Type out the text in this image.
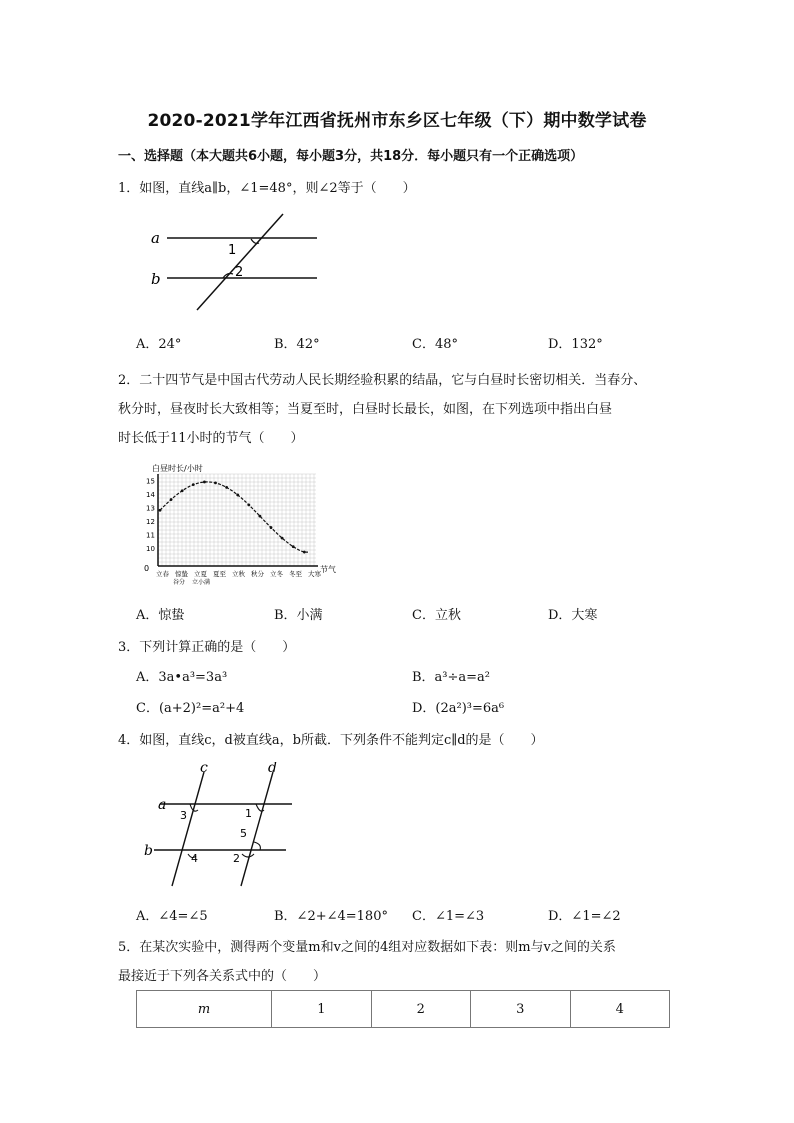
2020-2021学年江西省抚州市东乡区七年级（下）期中数学试卷
一、选择题（本大题共6小题，每小题3分，共18分．每小题只有一个正确选项）
1．如图，直线a∥b，∠1=48°，则∠2等于（　　）
a
b
1
2
A．24°	B．42°	C．48°	D．132°
2．二十四节气是中国古代劳动人民长期经验积累的结晶，它与白昼时长密切相关．当春分、
秋分时，昼夜时长大致相等；当夏至时，白昼时长最长，如图，在下列选项中指出白昼
时长低于11小时的节气（　　）
白昼时长/小时
节气
0
10
11
12
13
14
15
立春 惊蛰
谷分
立夏
立小满
夏至 立秋 秋分 立冬 冬至 大寒
A．惊蛰	B．小满	C．立秋	D．大寒
3．下列计算正确的是（　　）
A．3a•a³=3a³	B．a³÷a=a²
C．(a+2)²=a²+4	D．(2a²)³=6a⁶
4．如图，直线c，d被直线a，b所截．下列条件不能判定c∥d的是（　　）
a
b
c	d
3	1
5
2
4
A．∠4=∠5	B．∠2+∠4=180° C．∠1=∠3	D．∠1=∠2
5．在某次实验中，测得两个变量m和v之间的4组对应数据如下表：则m与v之间的关系
最接近于下列各关系式中的（　　）
m	1	2	3	4
